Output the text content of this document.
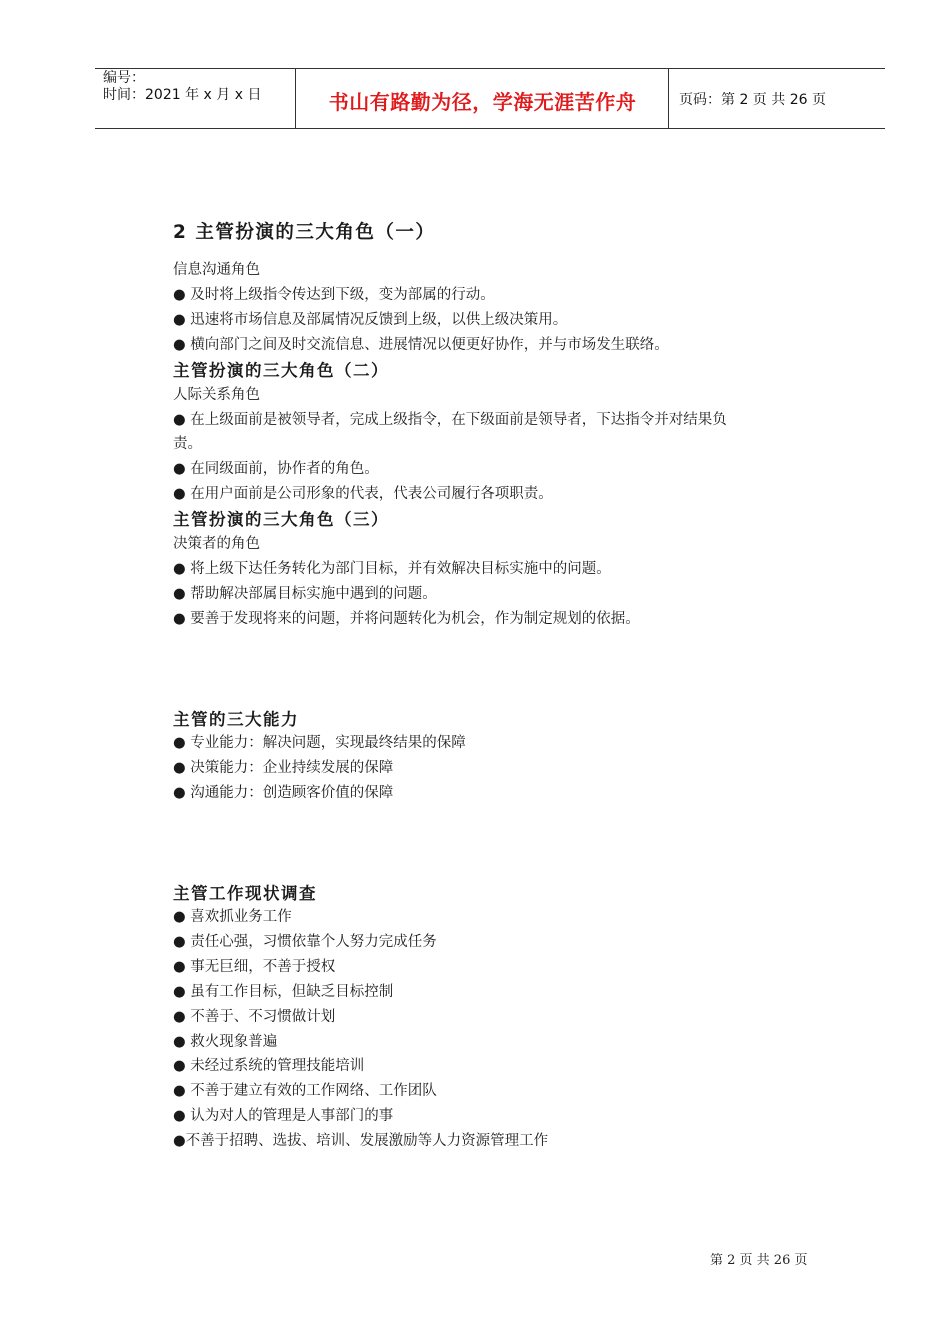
编号：
时间：2021 年 x 月 x 日	书山有路勤为径，学海无涯苦作舟	页码：第 2 页 共 26 页
2 主管扮演的三大角色（一）
信息沟通角色
● 及时将上级指令传达到下级，变为部属的行动。
● 迅速将市场信息及部属情况反馈到上级，以供上级决策用。
● 横向部门之间及时交流信息、进展情况以便更好协作，并与市场发生联络。
主管扮演的三大角色（二）
人际关系角色
● 在上级面前是被领导者，完成上级指令，在下级面前是领导者，下达指令并对结果负
责。
● 在同级面前，协作者的角色。
● 在用户面前是公司形象的代表，代表公司履行各项职责。
主管扮演的三大角色（三）
决策者的角色
● 将上级下达任务转化为部门目标，并有效解决目标实施中的问题。
● 帮助解决部属目标实施中遇到的问题。
● 要善于发现将来的问题，并将问题转化为机会，作为制定规划的依据。
主管的三大能力
● 专业能力：解决问题，实现最终结果的保障
● 决策能力：企业持续发展的保障
● 沟通能力：创造顾客价值的保障
主管工作现状调查
● 喜欢抓业务工作
● 责任心强，习惯依靠个人努力完成任务
● 事无巨细，不善于授权
● 虽有工作目标，但缺乏目标控制
● 不善于、不习惯做计划
● 救火现象普遍
● 未经过系统的管理技能培训
● 不善于建立有效的工作网络、工作团队
● 认为对人的管理是人事部门的事
●不善于招聘、选拔、培训、发展激励等人力资源管理工作
第 2 页 共 26 页
